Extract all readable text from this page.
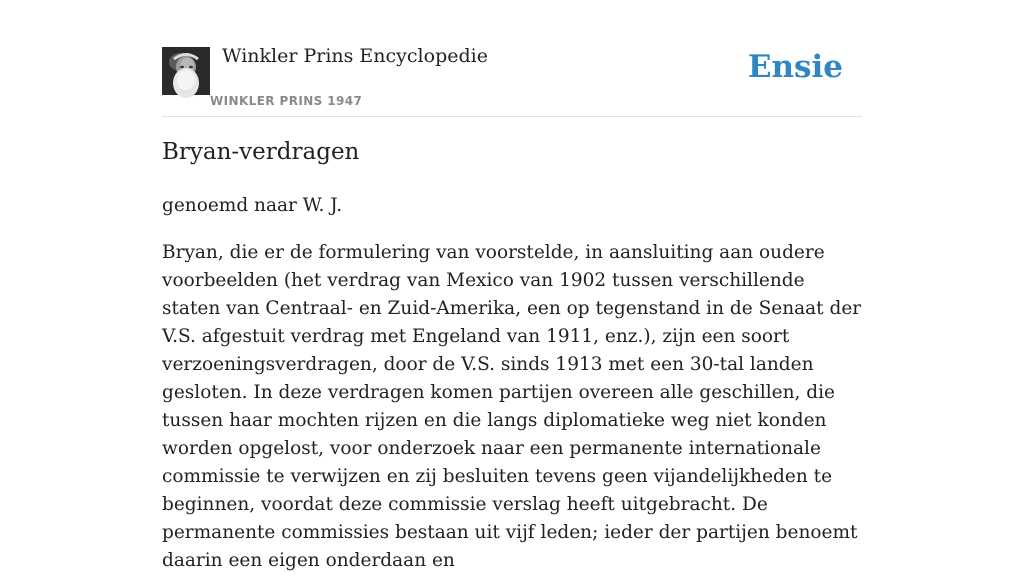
Winkler Prins Encyclopedie
WINKLER PRINS 1947
Ensie
Bryan-verdragen

genoemd naar W. J.

Bryan, die er de formulering van voorstelde, in aansluiting aan oudere voorbeelden (het verdrag van Mexico van 1902 tussen verschillende staten van Centraal- en Zuid-Amerika, een op tegenstand in de Senaat der V.S. afgestuit verdrag met Engeland van 1911, enz.), zijn een soort verzoeningsverdragen, door de V.S. sinds 1913 met een 30-tal landen gesloten. In deze verdragen komen partijen overeen alle geschillen, die tussen haar mochten rijzen en die langs diplomatieke weg niet konden worden opgelost, voor onderzoek naar een permanente internationale commissie te verwijzen en zij besluiten tevens geen vijandelijkheden te beginnen, voordat deze commissie verslag heeft uitgebracht. De permanente commissies bestaan uit vijf leden; ieder der partijen benoemt daarin een eigen onderdaan en
